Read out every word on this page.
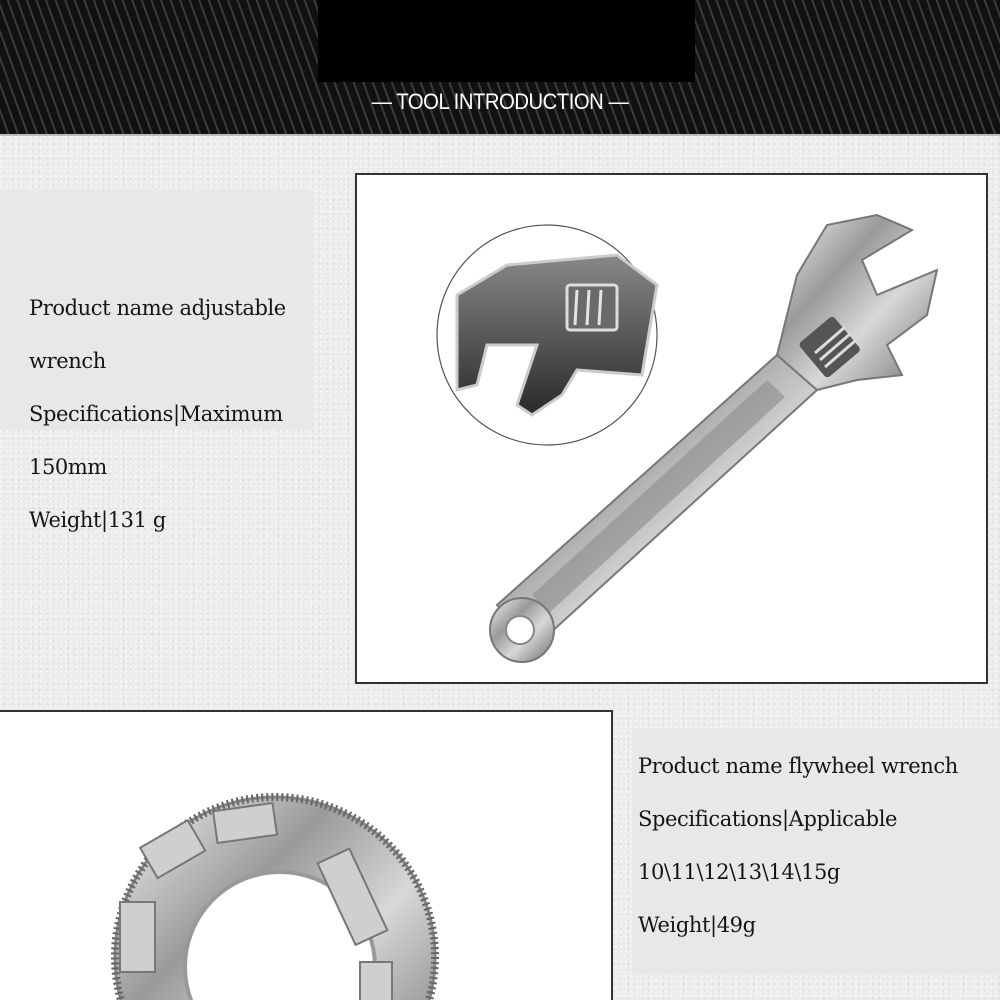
— TOOL INTRODUCTION —
Product name adjustable
wrench
Specifications|Maximum
150mm
Weight|131 g
Product name flywheel wrench
Specifications|Applicable
10\11\12\13\14\15g
Weight|49g
